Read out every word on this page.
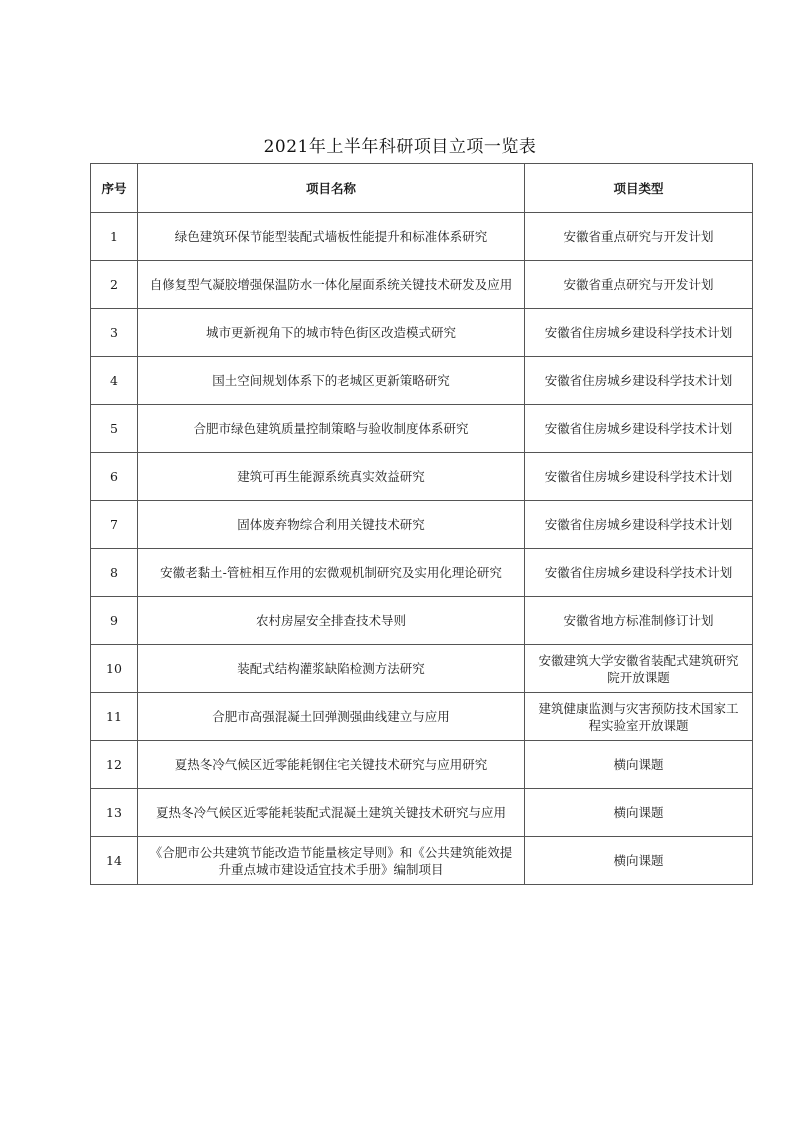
2021年上半年科研项目立项一览表
序号	项目名称	项目类型
1	绿色建筑环保节能型装配式墙板性能提升和标准体系研究	安徽省重点研究与开发计划
2	自修复型气凝胶增强保温防水一体化屋面系统关键技术研发及应用	安徽省重点研究与开发计划
3	城市更新视角下的城市特色街区改造模式研究	安徽省住房城乡建设科学技术计划
4	国土空间规划体系下的老城区更新策略研究	安徽省住房城乡建设科学技术计划
5	合肥市绿色建筑质量控制策略与验收制度体系研究	安徽省住房城乡建设科学技术计划
6	建筑可再生能源系统真实效益研究	安徽省住房城乡建设科学技术计划
7	固体废弃物综合利用关键技术研究	安徽省住房城乡建设科学技术计划
8	安徽老黏土-管桩相互作用的宏微观机制研究及实用化理论研究	安徽省住房城乡建设科学技术计划
9	农村房屋安全排查技术导则	安徽省地方标准制修订计划
10	装配式结构灌浆缺陷检测方法研究	安徽建筑大学安徽省装配式建筑研究院开放课题
11	合肥市高强混凝土回弹测强曲线建立与应用	建筑健康监测与灾害预防技术国家工程实验室开放课题
12	夏热冬冷气候区近零能耗钢住宅关键技术研究与应用研究	横向课题
13	夏热冬冷气候区近零能耗装配式混凝土建筑关键技术研究与应用	横向课题
14	《合肥市公共建筑节能改造节能量核定导则》和《公共建筑能效提升重点城市建设适宜技术手册》编制项目	横向课题
